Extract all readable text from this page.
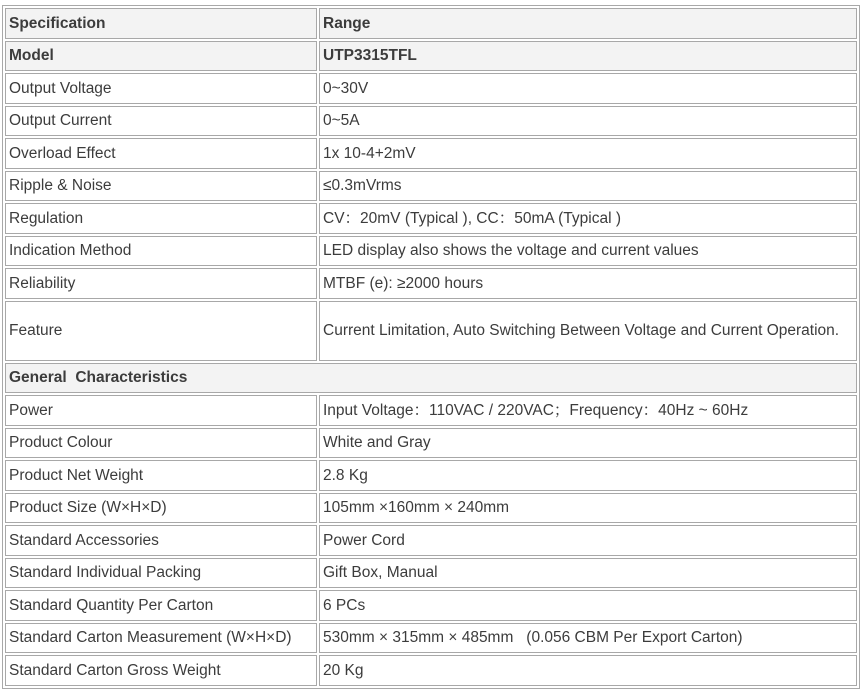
Specification	Range
Model	UTP3315TFL
Output Voltage	0~30V
Output Current	0~5A
Overload Effect	1x 10-4+2mV
Ripple & Noise	≤0.3mVrms
Regulation	CV：20mV (Typical ), CC：50mA (Typical )
Indication Method	LED display also shows the voltage and current values
Reliability	MTBF (e): ≥2000 hours
Feature	Current Limitation, Auto Switching Between Voltage and Current Operation.
General  Characteristics	
Power	Input Voltage：110VAC / 220VAC；Frequency：40Hz ~ 60Hz
Product Colour	White and Gray
Product Net Weight	2.8 Kg
Product Size (W×H×D)	105mm ×160mm × 240mm
Standard Accessories	Power Cord
Standard Individual Packing	Gift Box, Manual
Standard Quantity Per Carton	6 PCs
Standard Carton Measurement (W×H×D)	530mm × 315mm × 485mm   (0.056 CBM Per Export Carton)
Standard Carton Gross Weight	20 Kg
